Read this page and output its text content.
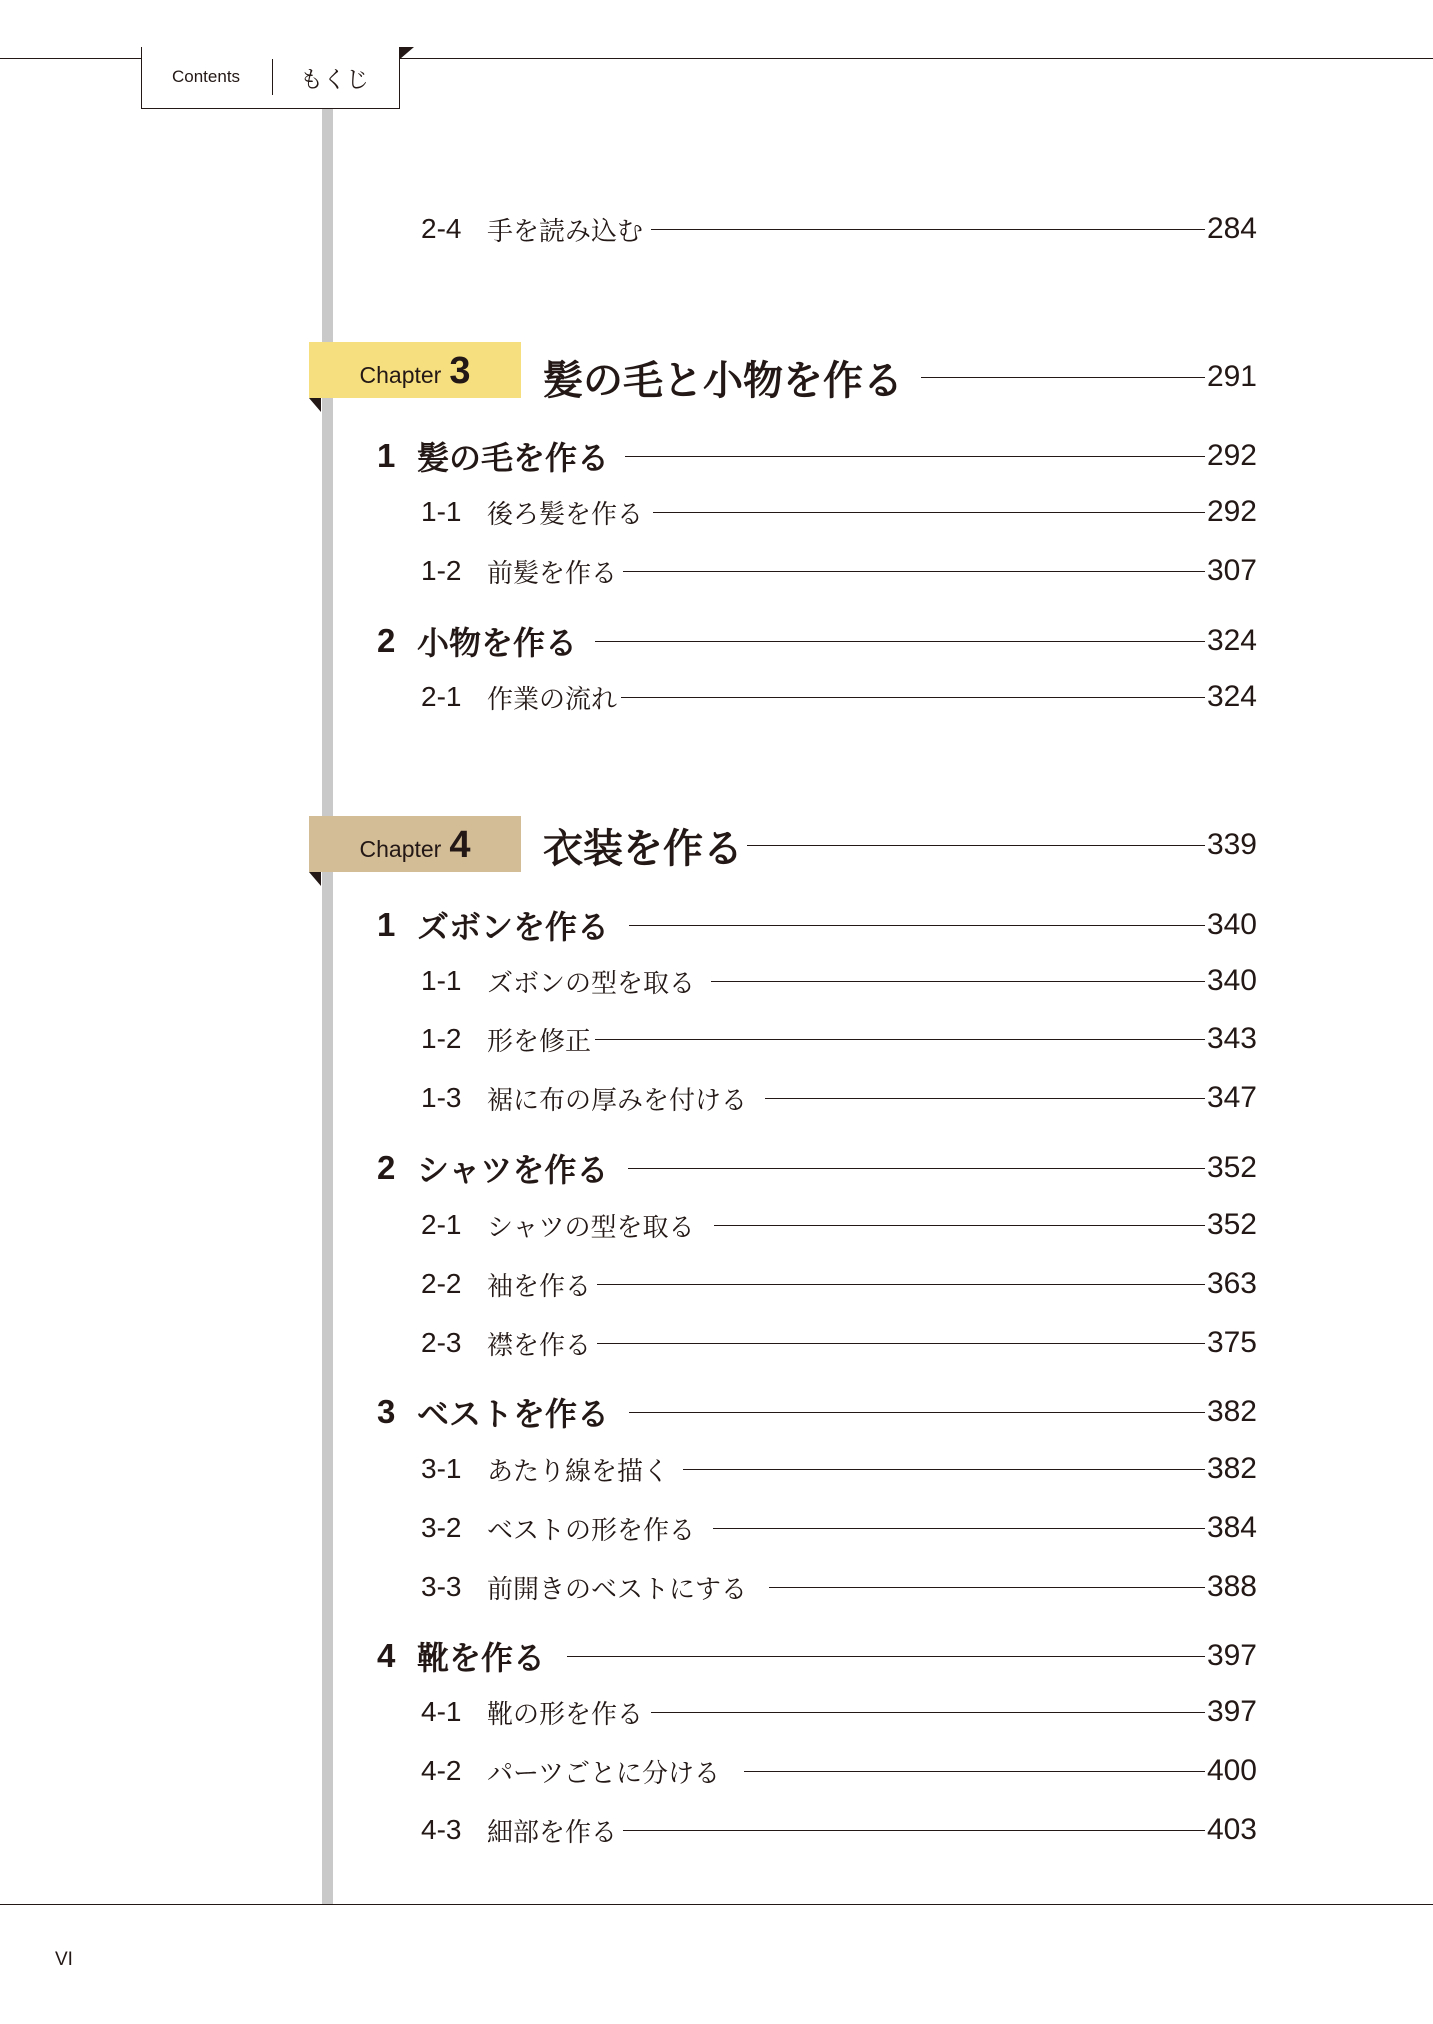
Contents	もくじ
2-4 手を読み込む	284
Chapter 3 髪の毛と小物を作る	291
1 髪の毛を作る	292
1-1 後ろ髪を作る	292
1-2 前髪を作る	307
2 小物を作る	324
2-1 作業の流れ	324
Chapter 4 衣装を作る	339
1 ズボンを作る	340
1-1 ズボンの型を取る	340
1-2 形を修正	343
1-3 裾に布の厚みを付ける	347
2 シャツを作る	352
2-1 シャツの型を取る	352
2-2 袖を作る	363
2-3 襟を作る	375
3 ベストを作る	382
3-1 あたり線を描く	382
3-2 ベストの形を作る	384
3-3 前開きのベストにする	388
4 靴を作る	397
4-1 靴の形を作る	397
4-2 パーツごとに分ける	400
4-3 細部を作る	403
VI
